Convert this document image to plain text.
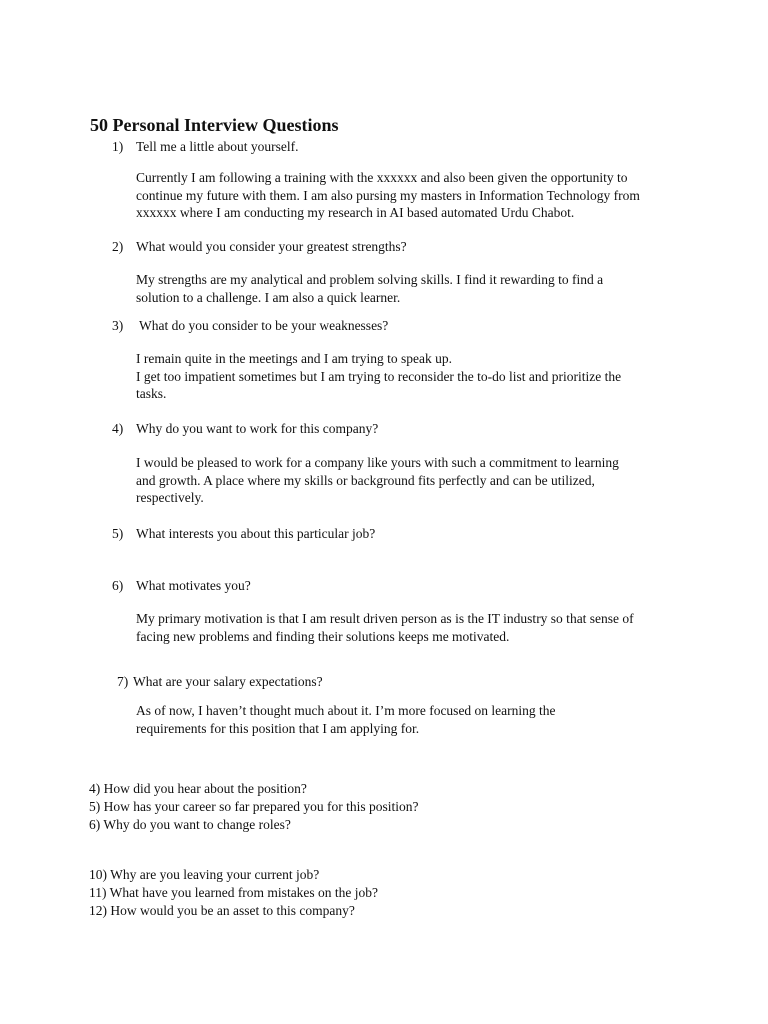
50 Personal Interview Questions
1) Tell me a little about yourself.
Currently I am following a training with the xxxxxx and also been given the opportunity to
continue my future with them. I am also pursing my masters in Information Technology from
xxxxxx where I am conducting my research in AI based automated Urdu Chabot.
2) What would you consider your greatest strengths?
My strengths are my analytical and problem solving skills. I find it rewarding to find a
solution to a challenge. I am also a quick learner.
3) What do you consider to be your weaknesses?
I remain quite in the meetings and I am trying to speak up.
I get too impatient sometimes but I am trying to reconsider the to-do list and prioritize the
tasks.
4) Why do you want to work for this company?
I would be pleased to work for a company like yours with such a commitment to learning
and growth. A place where my skills or background fits perfectly and can be utilized,
respectively.
5) What interests you about this particular job?
6) What motivates you?
My primary motivation is that I am result driven person as is the IT industry so that sense of
facing new problems and finding their solutions keeps me motivated.
7) What are your salary expectations?
As of now, I haven’t thought much about it. I’m more focused on learning the
requirements for this position that I am applying for.
4) How did you hear about the position?
5) How has your career so far prepared you for this position?
6) Why do you want to change roles?
10) Why are you leaving your current job?
11) What have you learned from mistakes on the job?
12) How would you be an asset to this company?
